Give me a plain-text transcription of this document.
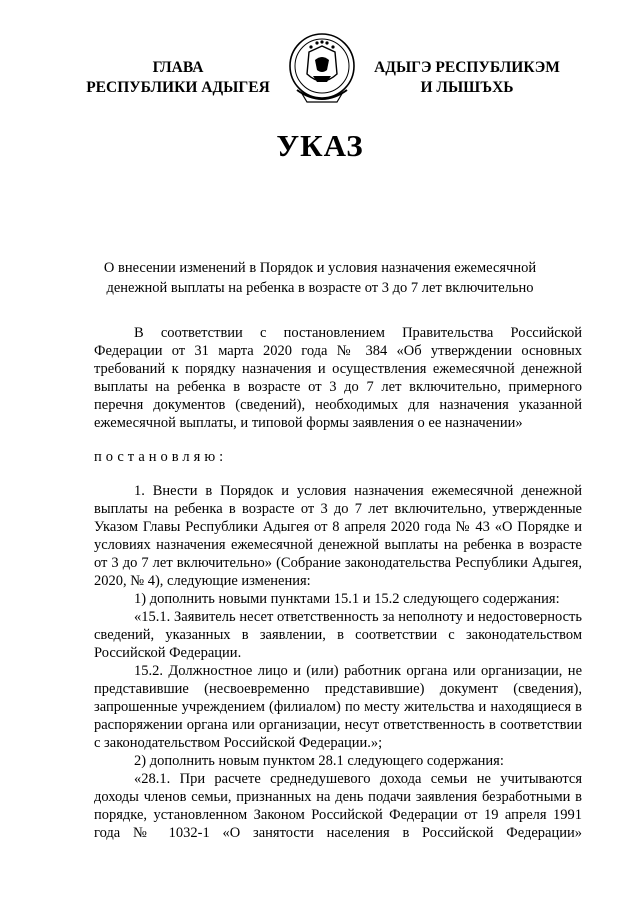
ГЛАВА
РЕСПУБЛИКИ АДЫГЕЯ
АДЫГЭ РЕСПУБЛИКЭМ
И ЛЫШЪХЬ
УКАЗ
О внесении изменений в Порядок и условия назначения ежемесячной денежной выплаты на ребенка в возрасте от 3 до 7 лет включительно

В соответствии с постановлением Правительства Российской Федерации от 31 марта 2020 года № 384 «Об утверждении основных требований к порядку назначения и осуществления ежемесячной денежной выплаты на ребенка в возрасте от 3 до 7 лет включительно, примерного перечня документов (сведений), необходимых для назначения указанной ежемесячной выплаты, и типовой формы заявления о ее назначении»

постановляю:

1. Внести в Порядок и условия назначения ежемесячной денежной выплаты на ребенка в возрасте от 3 до 7 лет включительно, утвержденные Указом Главы Республики Адыгея от 8 апреля 2020 года № 43 «О Порядке и условиях назначения ежемесячной денежной выплаты на ребенка в возрасте от 3 до 7 лет включительно» (Собрание законодательства Республики Адыгея, 2020, № 4), следующие изменения:

1) дополнить новыми пунктами 15.1 и 15.2 следующего содержания:

«15.1. Заявитель несет ответственность за неполноту и недостоверность сведений, указанных в заявлении, в соответствии с законодательством Российской Федерации.

15.2. Должностное лицо и (или) работник органа или организации, не представившие (несвоевременно представившие) документ (сведения), запрошенные учреждением (филиалом) по месту жительства и находящиеся в распоряжении органа или организации, несут ответственность в соответствии с законодательством Российской Федерации.»;

2) дополнить новым пунктом 28.1 следующего содержания:

«28.1. При расчете среднедушевого дохода семьи не учитываются доходы членов семьи, признанных на день подачи заявления безработными в порядке, установленном Законом Российской Федерации от 19 апреля 1991 года № 1032-1 «О занятости населения в Российской Федерации»
